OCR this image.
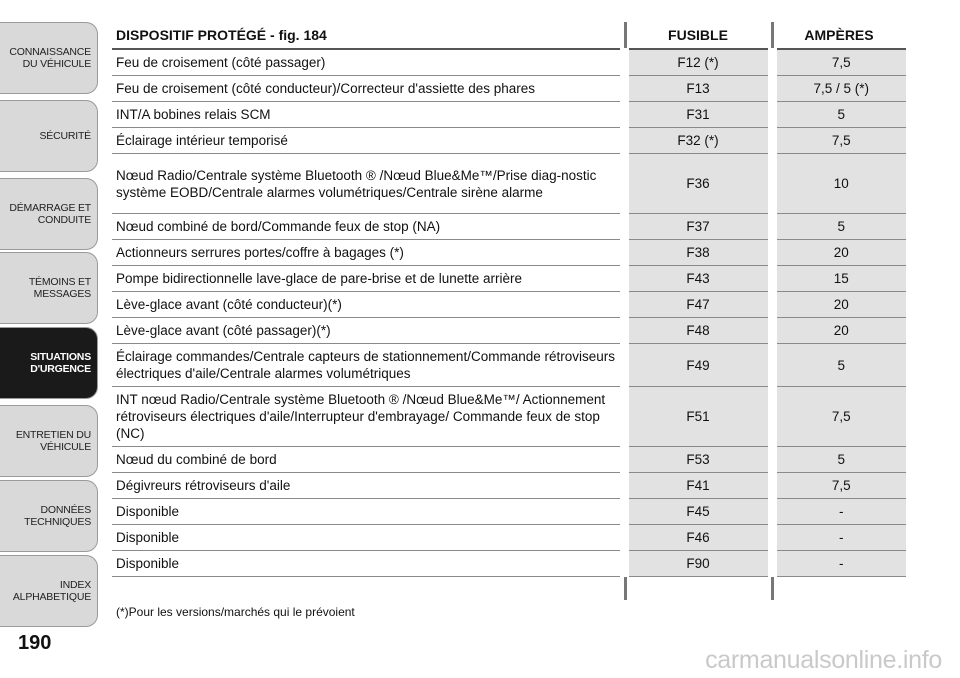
CONNAISSANCE
DU VÉHICULE
SÉCURITÉ
DÉMARRAGE ET
CONDUITE
TÉMOINS ET
MESSAGES
SITUATIONS
D'URGENCE
ENTRETIEN DU
VÉHICULE
DONNÉES
TECHNIQUES
INDEX
ALPHABETIQUE
190
DISPOSITIF PROTÉGÉ - fig. 184	FUSIBLE	AMPÈRES
Feu de croisement (côté passager)	F12 (*)	7,5
Feu de croisement (côté conducteur)/Correcteur d'assiette des phares	F13	7,5 / 5 (*)
INT/A bobines relais SCM	F31	5
Éclairage intérieur temporisé	F32 (*)	7,5
Nœud Radio/Centrale système Bluetooth ® /Nœud Blue&Me™/Prise diag-nostic système EOBD/Centrale alarmes volumétriques/Centrale sirène alarme	F36	10
Nœud combiné de bord/Commande feux de stop (NA)	F37	5
Actionneurs serrures portes/coffre à bagages (*)	F38	20
Pompe bidirectionnelle lave-glace de pare-brise et de lunette arrière	F43	15
Lève-glace avant (côté conducteur)(*)	F47	20
Lève-glace avant (côté passager)(*)	F48	20
Éclairage commandes/Centrale capteurs de stationnement/Commande rétroviseurs électriques d'aile/Centrale alarmes volumétriques	F49	5
INT nœud Radio/Centrale système Bluetooth ® /Nœud Blue&Me™/ Actionnement rétroviseurs électriques d'aile/Interrupteur d'embrayage/ Commande feux de stop (NC)	F51	7,5
Nœud du combiné de bord	F53	5
Dégivreurs rétroviseurs d'aile	F41	7,5
Disponible	F45	-
Disponible	F46	-
Disponible	F90	-
(*)Pour les versions/marchés qui le prévoient
carmanualsonline.info
